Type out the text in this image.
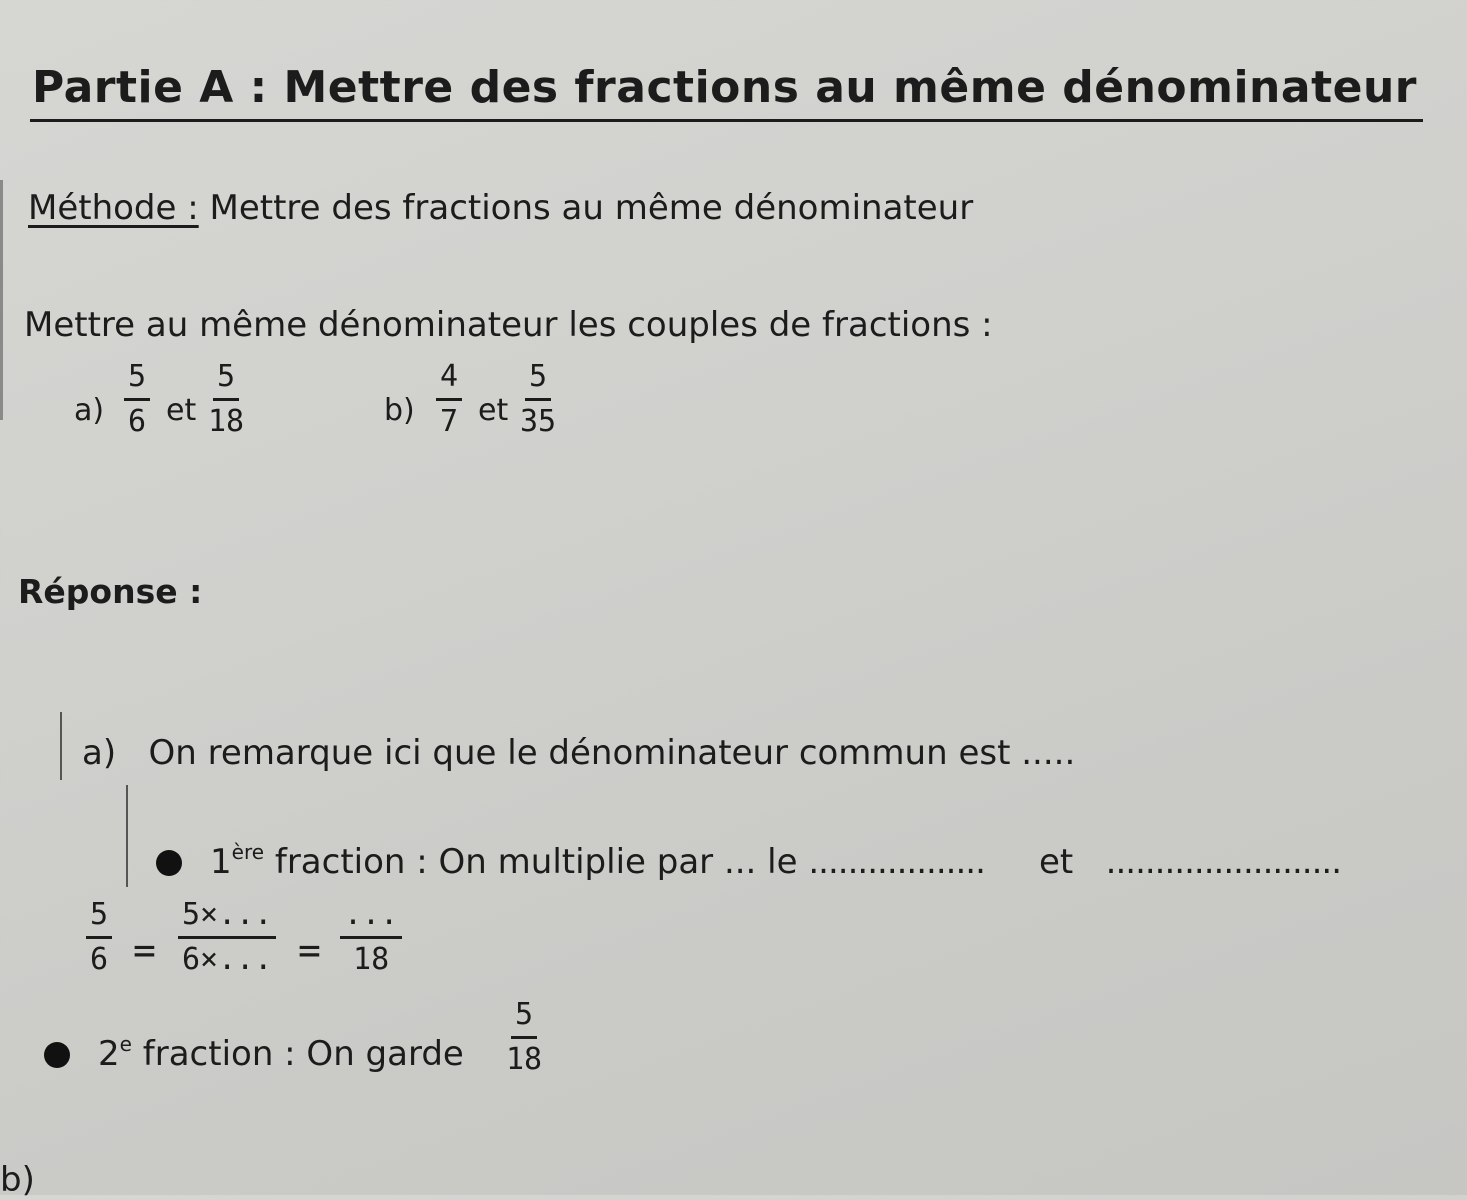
Partie A : Mettre des fractions au même dénominateur
Méthode : Mettre des fractions au même dénominateur
Mettre au même dénominateur les couples de fractions :
$a) \frac{5}{6}$ et $\frac{5}{18}$	$b) \frac{4}{7}$ et $\frac{5}{35}$
Réponse :
a) On remarque ici que le dénominateur commun est .....
1ère fraction : On multiplie par ... le .................. et ........................
$\frac{5}{6} = \frac{5\times...}{6\times...}$ =
...
18
2e fraction : On garde $\frac{5}{18}$
b)
